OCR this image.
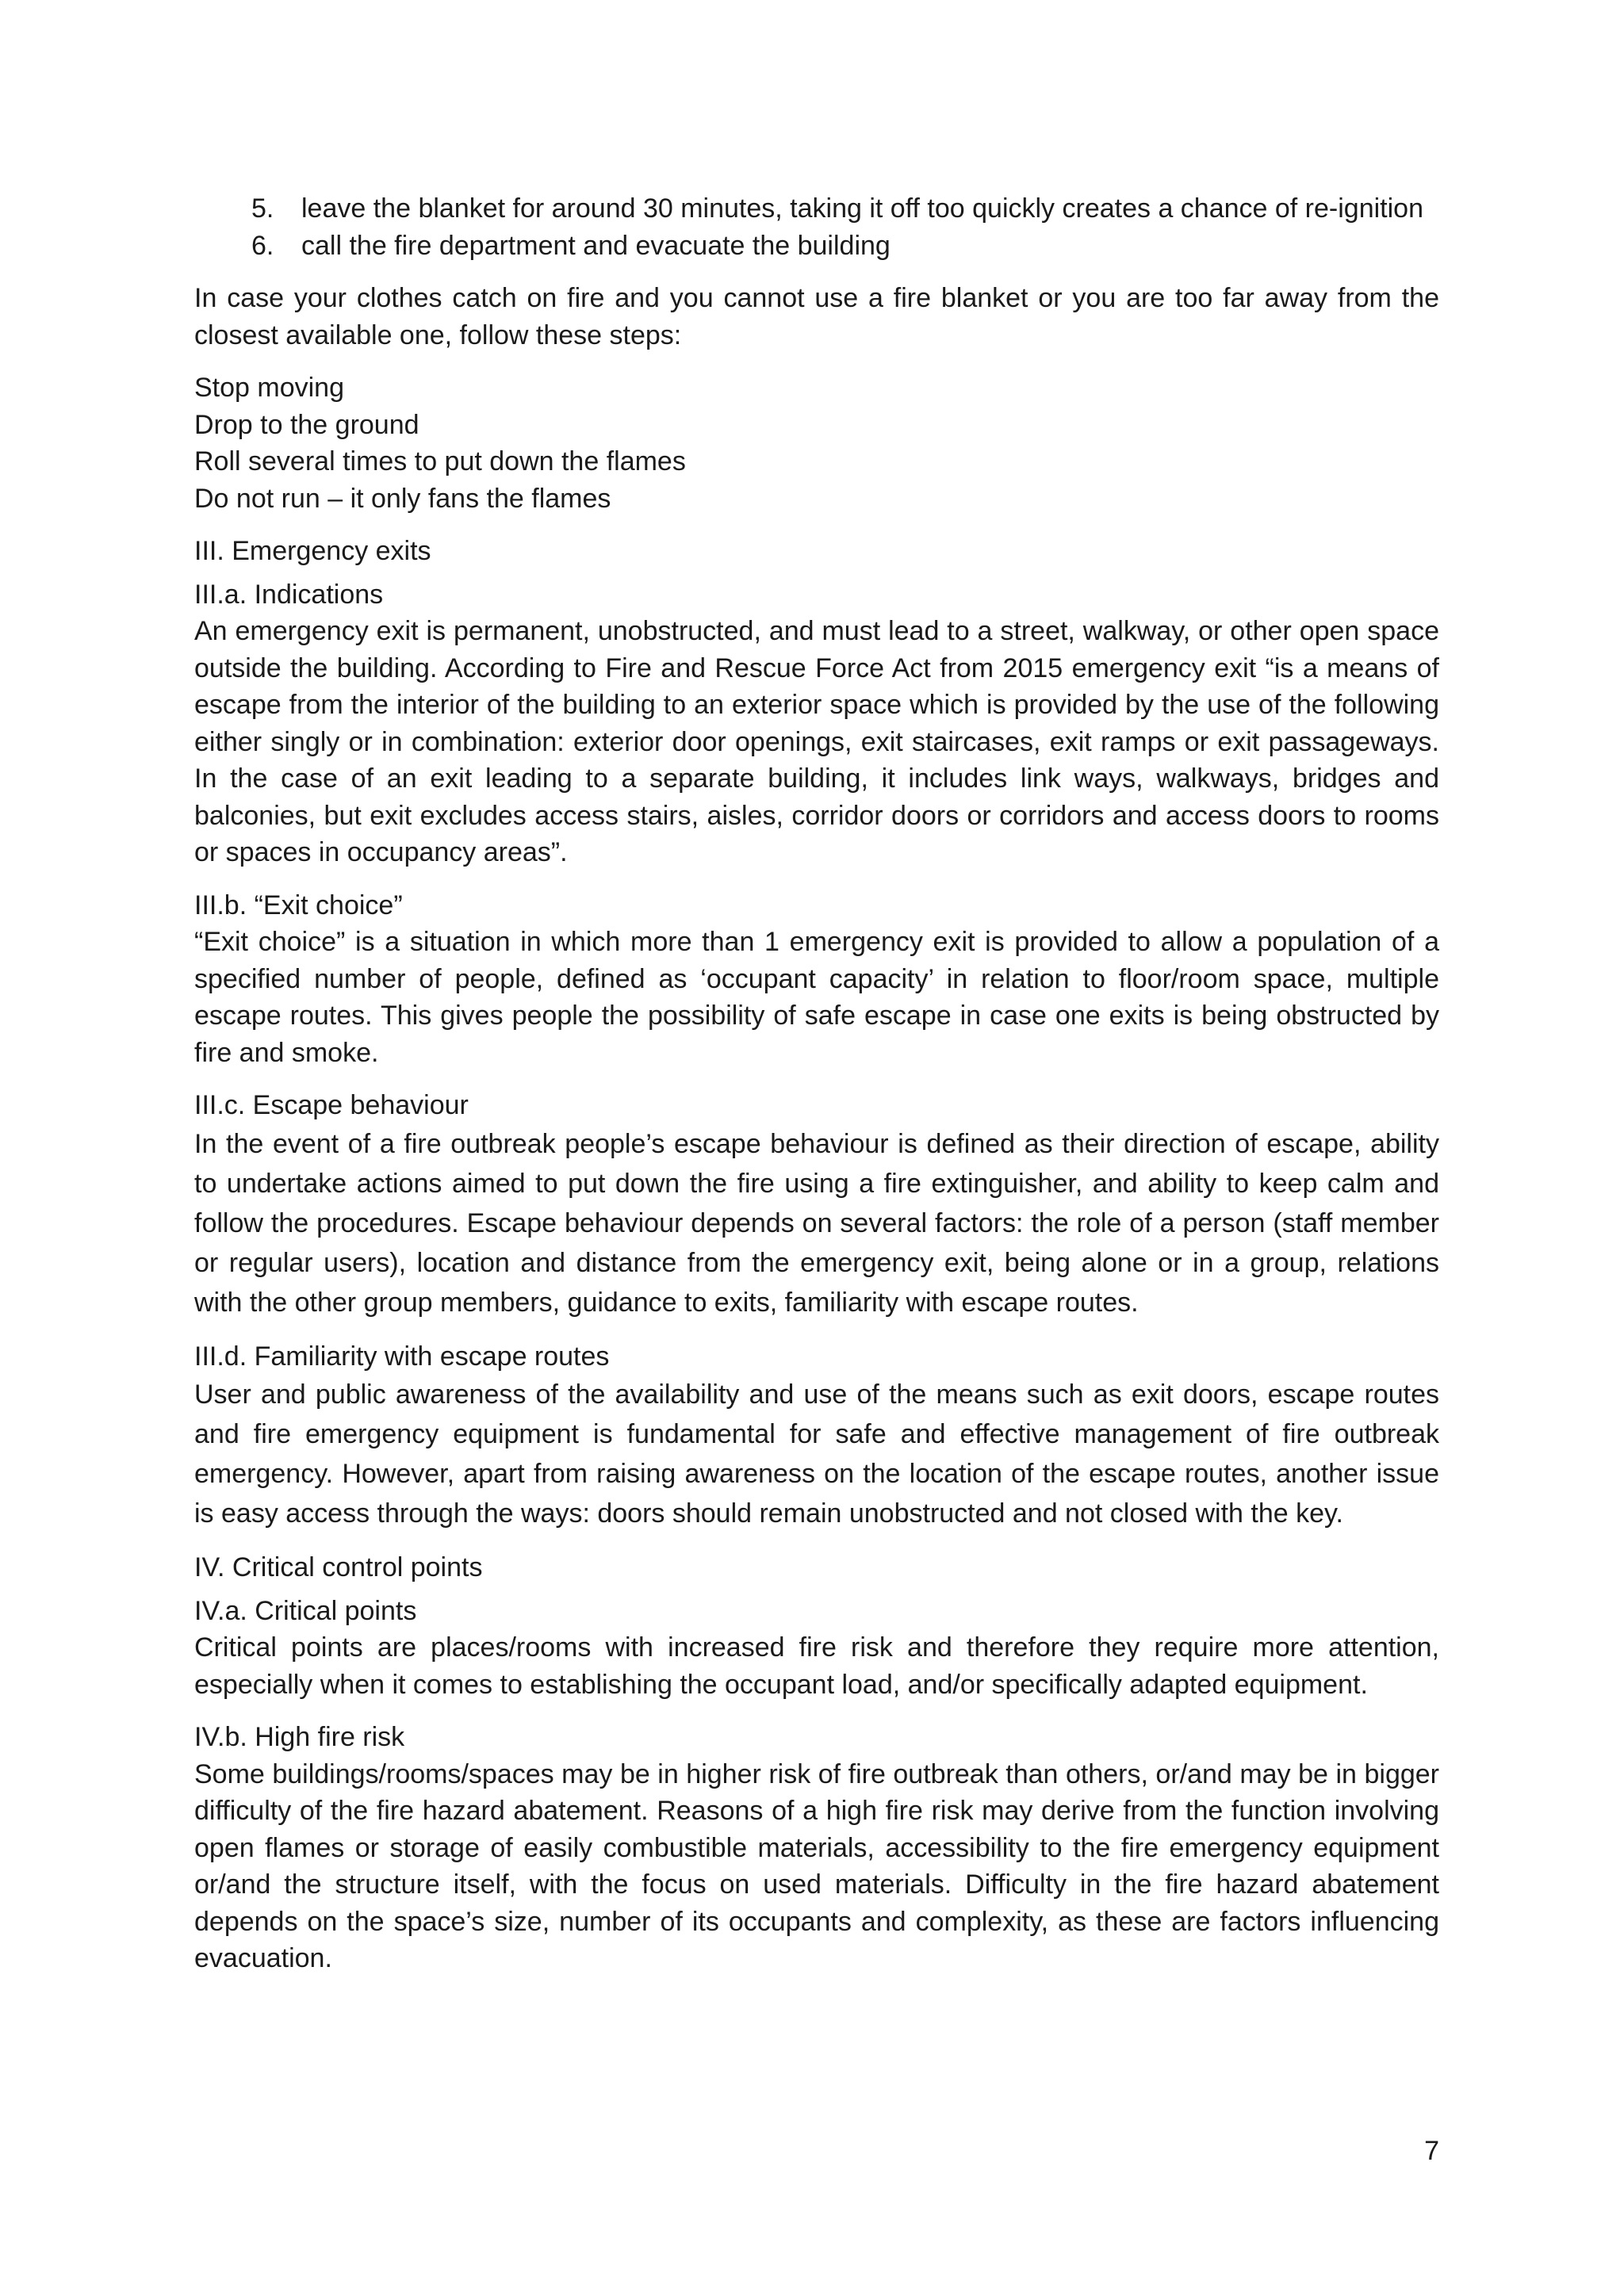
5. leave the blanket for around 30 minutes, taking it off too quickly creates a chance of re-ignition
6. call the fire department and evacuate the building

In case your clothes catch on fire and you cannot use a fire blanket or you are too far away from the closest available one, follow these steps:

Stop moving

Drop to the ground

Roll several times to put down the flames

Do not run – it only fans the flames

III. Emergency exits

III.a. Indications

An emergency exit is permanent, unobstructed, and must lead to a street, walkway, or other open space outside the building. According to Fire and Rescue Force Act from 2015 emergency exit “is a means of escape from the interior of the building to an exterior space which is provided by the use of the following either singly or in combination: exterior door openings, exit staircases, exit ramps or exit passageways. In the case of an exit leading to a separate building, it includes link ways, walkways, bridges and balconies, but exit excludes access stairs, aisles, corridor doors or corridors and access doors to rooms or spaces in occupancy areas”.

III.b. “Exit choice”

“Exit choice” is a situation in which more than 1 emergency exit is provided to allow a population of a specified number of people, defined as ‘occupant capacity’ in relation to floor/room space, multiple escape routes. This gives people the possibility of safe escape in case one exits is being obstructed by fire and smoke.

III.c. Escape behaviour

In the event of a fire outbreak people’s escape behaviour is defined as their direction of escape, ability to undertake actions aimed to put down the fire using a fire extinguisher, and ability to keep calm and follow the procedures. Escape behaviour depends on several factors: the role of a person (staff member or regular users), location and distance from the emergency exit, being alone or in a group, relations with the other group members, guidance to exits, familiarity with escape routes.

III.d. Familiarity with escape routes

User and public awareness of the availability and use of the means such as exit doors, escape routes and fire emergency equipment is fundamental for safe and effective management of fire outbreak emergency. However, apart from raising awareness on the location of the escape routes, another issue is easy access through the ways: doors should remain unobstructed and not closed with the key.

IV. Critical control points

IV.a. Critical points

Critical points are places/rooms with increased fire risk and therefore they require more attention, especially when it comes to establishing the occupant load, and/or specifically adapted equipment.

IV.b. High fire risk

Some buildings/rooms/spaces may be in higher risk of fire outbreak than others, or/and may be in bigger difficulty of the fire hazard abatement. Reasons of a high fire risk may derive from the function involving open flames or storage of easily combustible materials, accessibility to the fire emergency equipment or/and the structure itself, with the focus on used materials. Difficulty in the fire hazard abatement depends on the space’s size, number of its occupants and complexity, as these are factors influencing evacuation.

7
